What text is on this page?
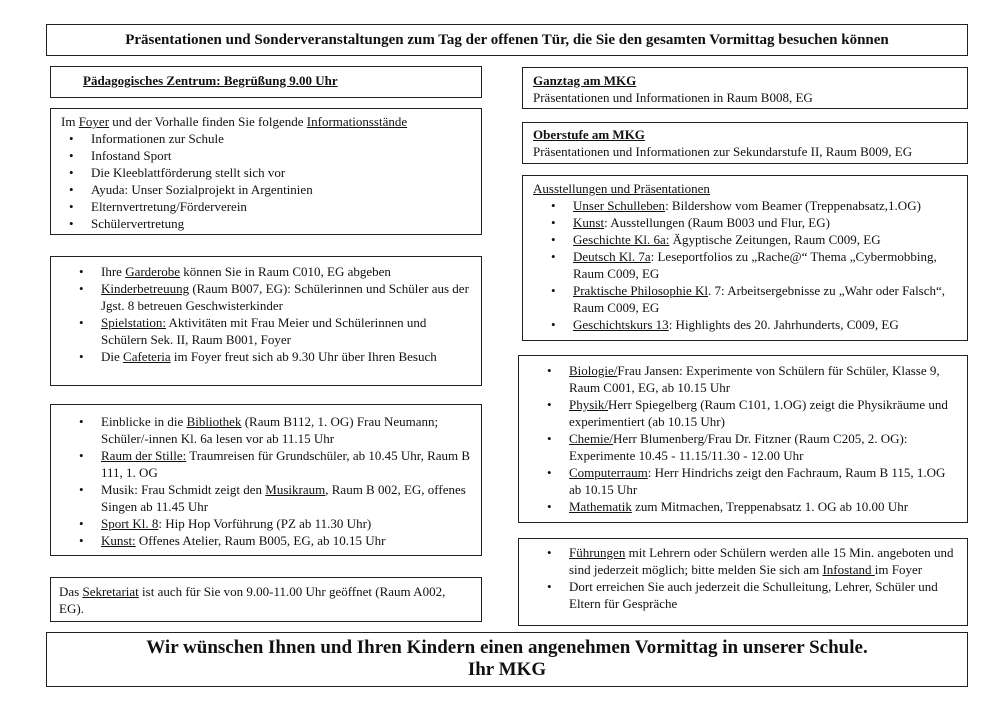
Präsentationen und Sonderveranstaltungen zum Tag der offenen Tür, die Sie den gesamten Vormittag besuchen können
Pädagogisches Zentrum: Begrüßung 9.00 Uhr
Im Foyer und der Vorhalle finden Sie folgende Informationsstände
• Informationen zur Schule
• Infostand Sport
• Die Kleeblattförderung stellt sich vor
• Ayuda: Unser Sozialprojekt in Argentinien
• Elternvertretung/Förderverein
• Schülervertretung
• Ihre Garderobe können Sie in Raum C010, EG abgeben
• Kinderbetreuung (Raum B007, EG): Schülerinnen und Schüler aus der Jgst. 8 betreuen Geschwisterkinder
• Spielstation: Aktivitäten mit Frau Meier und Schülerinnen und Schülern Sek. II, Raum B001, Foyer
• Die Cafeteria im Foyer freut sich ab 9.30 Uhr über Ihren Besuch
• Einblicke in die Bibliothek (Raum B112, 1. OG) Frau Neumann; Schüler/-innen Kl. 6a lesen vor ab 11.15 Uhr
• Raum der Stille: Traumreisen für Grundschüler, ab 10.45 Uhr, Raum B 111, 1. OG
• Musik: Frau Schmidt zeigt den Musikraum, Raum B 002, EG, offenes Singen ab 11.45 Uhr
• Sport Kl. 8: Hip Hop Vorführung (PZ ab 11.30 Uhr)
• Kunst: Offenes Atelier, Raum B005, EG, ab 10.15 Uhr
Das Sekretariat ist auch für Sie von 9.00-11.00 Uhr geöffnet (Raum A002, EG).
Ganztag am MKG
Präsentationen und Informationen in Raum B008, EG
Oberstufe am MKG
Präsentationen und Informationen zur Sekundarstufe II, Raum B009, EG
Ausstellungen und Präsentationen
• Unser Schulleben: Bildershow vom Beamer (Treppenabsatz,1.OG)
• Kunst: Ausstellungen (Raum B003 und Flur, EG)
• Geschichte Kl. 6a: Ägyptische Zeitungen, Raum C009, EG
• Deutsch Kl. 7a: Leseportfolios zu „Rache@“ Thema „Cybermobbing, Raum C009, EG
• Praktische Philosophie Kl. 7: Arbeitsergebnisse zu „Wahr oder Falsch“, Raum C009, EG
• Geschichtskurs 13: Highlights des 20. Jahrhunderts, C009, EG
• Biologie/Frau Jansen: Experimente von Schülern für Schüler, Klasse 9, Raum C001, EG, ab 10.15 Uhr
• Physik/Herr Spiegelberg (Raum C101, 1.OG) zeigt die Physikräume und experimentiert (ab 10.15 Uhr)
• Chemie/Herr Blumenberg/Frau Dr. Fitzner (Raum C205, 2. OG): Experimente 10.45 - 11.15/11.30 - 12.00 Uhr
• Computerraum: Herr Hindrichs zeigt den Fachraum, Raum B 115, 1.OG ab 10.15 Uhr
• Mathematik zum Mitmachen, Treppenabsatz 1. OG ab 10.00 Uhr
• Führungen mit Lehrern oder Schülern werden alle 15 Min. angeboten und sind jederzeit möglich; bitte melden Sie sich am Infostand im Foyer
• Dort erreichen Sie auch jederzeit die Schulleitung, Lehrer, Schüler und Eltern für Gespräche
Wir wünschen Ihnen und Ihren Kindern einen angenehmen Vormittag in unserer Schule.
Ihr MKG
